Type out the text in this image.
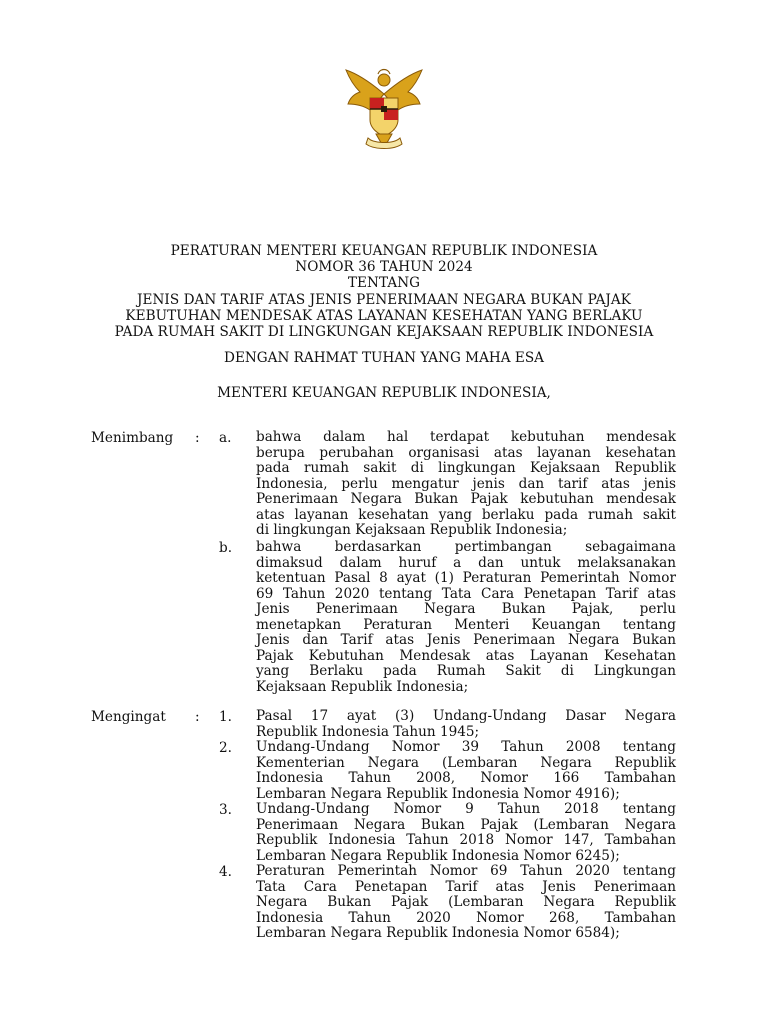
PERATURAN MENTERI KEUANGAN REPUBLIK INDONESIA
NOMOR 36 TAHUN 2024
TENTANG
JENIS DAN TARIF ATAS JENIS PENERIMAAN NEGARA BUKAN PAJAK
KEBUTUHAN MENDESAK ATAS LAYANAN KESEHATAN YANG BERLAKU
PADA RUMAH SAKIT DI LINGKUNGAN KEJAKSAAN REPUBLIK INDONESIA
DENGAN RAHMAT TUHAN YANG MAHA ESA
MENTERI KEUANGAN REPUBLIK INDONESIA,
Menimbang : a. bahwa dalam hal terdapat kebutuhan mendesak
berupa perubahan organisasi atas layanan kesehatan
pada rumah sakit di lingkungan Kejaksaan Republik
Indonesia, perlu mengatur jenis dan tarif atas jenis
Penerimaan Negara Bukan Pajak kebutuhan mendesak
atas layanan kesehatan yang berlaku pada rumah sakit
di lingkungan Kejaksaan Republik Indonesia;
b. bahwa berdasarkan pertimbangan sebagaimana
dimaksud dalam huruf a dan untuk melaksanakan
ketentuan Pasal 8 ayat (1) Peraturan Pemerintah Nomor
69 Tahun 2020 tentang Tata Cara Penetapan Tarif atas
Jenis Penerimaan Negara Bukan Pajak, perlu
menetapkan Peraturan Menteri Keuangan tentang
Jenis dan Tarif atas Jenis Penerimaan Negara Bukan
Pajak Kebutuhan Mendesak atas Layanan Kesehatan
yang Berlaku pada Rumah Sakit di Lingkungan
Kejaksaan Republik Indonesia;
Mengingat : 1. Pasal 17 ayat (3) Undang-Undang Dasar Negara
Republik Indonesia Tahun 1945;
2. Undang-Undang Nomor 39 Tahun 2008 tentang
Kementerian Negara (Lembaran Negara Republik
Indonesia Tahun 2008, Nomor 166 Tambahan
Lembaran Negara Republik Indonesia Nomor 4916);
3. Undang-Undang Nomor 9 Tahun 2018 tentang
Penerimaan Negara Bukan Pajak (Lembaran Negara
Republik Indonesia Tahun 2018 Nomor 147, Tambahan
Lembaran Negara Republik Indonesia Nomor 6245);
4. Peraturan Pemerintah Nomor 69 Tahun 2020 tentang
Tata Cara Penetapan Tarif atas Jenis Penerimaan
Negara Bukan Pajak (Lembaran Negara Republik
Indonesia Tahun 2020 Nomor 268, Tambahan
Lembaran Negara Republik Indonesia Nomor 6584);
